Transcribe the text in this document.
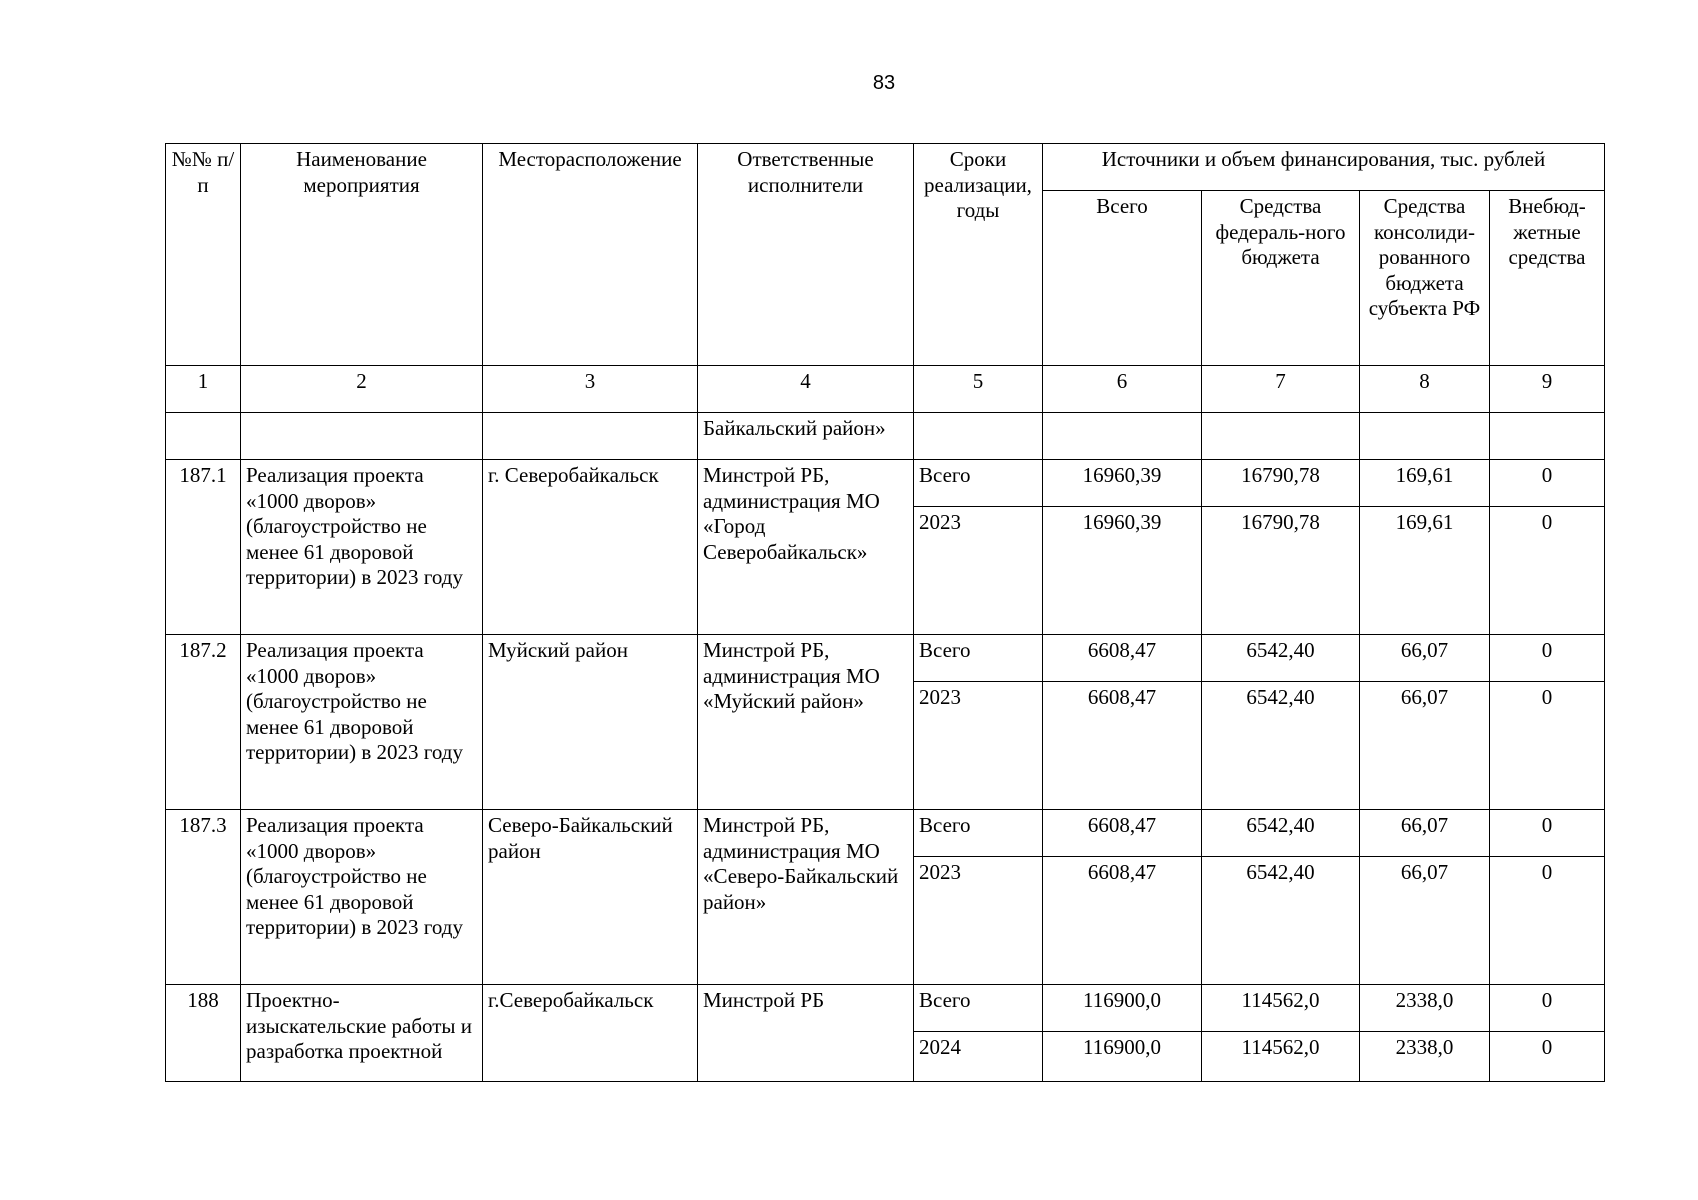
83
№№ п/п	Наименование мероприятия	Месторасположение	Ответственные исполнители	Сроки реализации, годы	Источники и объем финансирования, тыс. рублей			
					Всего	Средства федераль-ного бюджета	Средства консолиди-рованного бюджета субъекта РФ	Внебюд-жетные средства
1	2	3	4	5	6	7	8	9
			Байкальский район»					
187.1	Реализация проекта «1000 дворов» (благоустройство не менее 61 дворовой территории) в 2023 году	г. Северобайкальск	Минстрой РБ, администрация МО «Город Северобайкальск»	Всего	16960,39	16790,78	169,61	0
				2023	16960,39	16790,78	169,61	0
187.2	Реализация проекта «1000 дворов» (благоустройство не менее 61 дворовой территории) в 2023 году	Муйский район	Минстрой РБ, администрация МО «Муйский район»	Всего	6608,47	6542,40	66,07	0
				2023	6608,47	6542,40	66,07	0
187.3	Реализация проекта «1000 дворов» (благоустройство не менее 61 дворовой территории) в 2023 году	Северо-Байкальский район	Минстрой РБ, администрация МО «Северо-Байкальский район»	Всего	6608,47	6542,40	66,07	0
				2023	6608,47	6542,40	66,07	0
188	Проектно-изыскательские работы и разработка проектной	г.Северобайкальск	Минстрой РБ	Всего	116900,0	114562,0	2338,0	0
				2024	116900,0	114562,0	2338,0	0
